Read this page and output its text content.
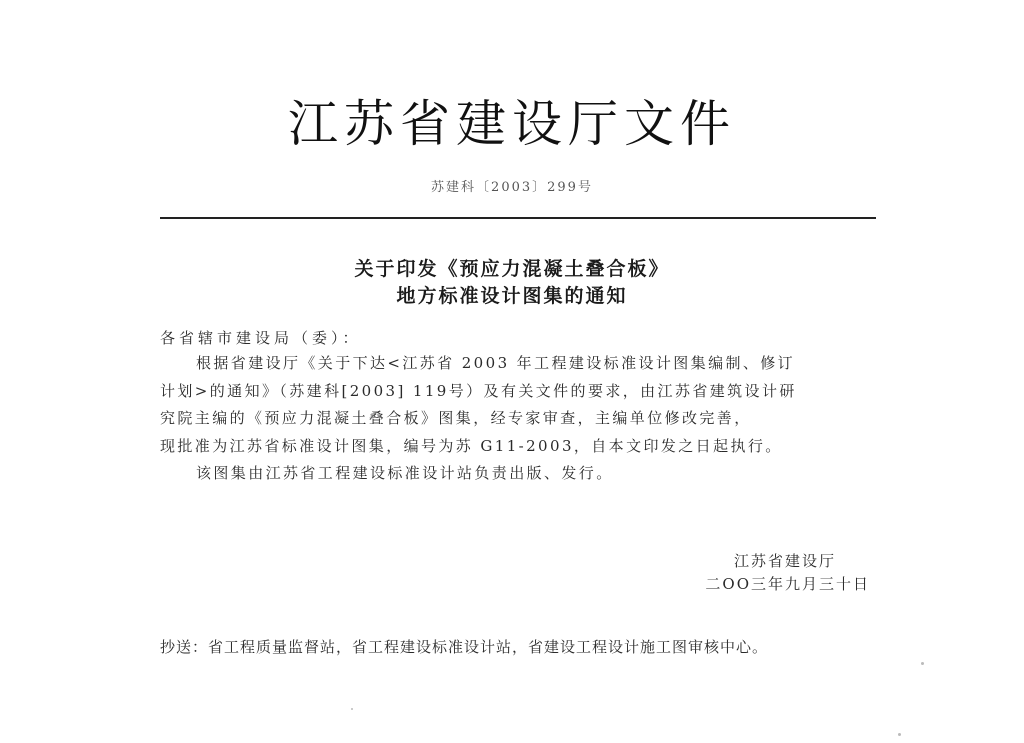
江苏省建设厅文件
苏建科〔2003〕299号
关于印发《预应力混凝土叠合板》
地方标准设计图集的通知
各省辖市建设局（委）：
根据省建设厅《关于下达<江苏省 2003 年工程建设标准设计图集编制、修订
计划>的通知》（苏建科[2003] 119号）及有关文件的要求，由江苏省建筑设计研
究院主编的《预应力混凝土叠合板》图集，经专家审查，主编单位修改完善，
现批准为江苏省标准设计图集，编号为苏 G11-2003，自本文印发之日起执行。
该图集由江苏省工程建设标准设计站负责出版、发行。
江苏省建设厅
二OO三年九月三十日
抄送：省工程质量监督站，省工程建设标准设计站，省建设工程设计施工图审核中心。
